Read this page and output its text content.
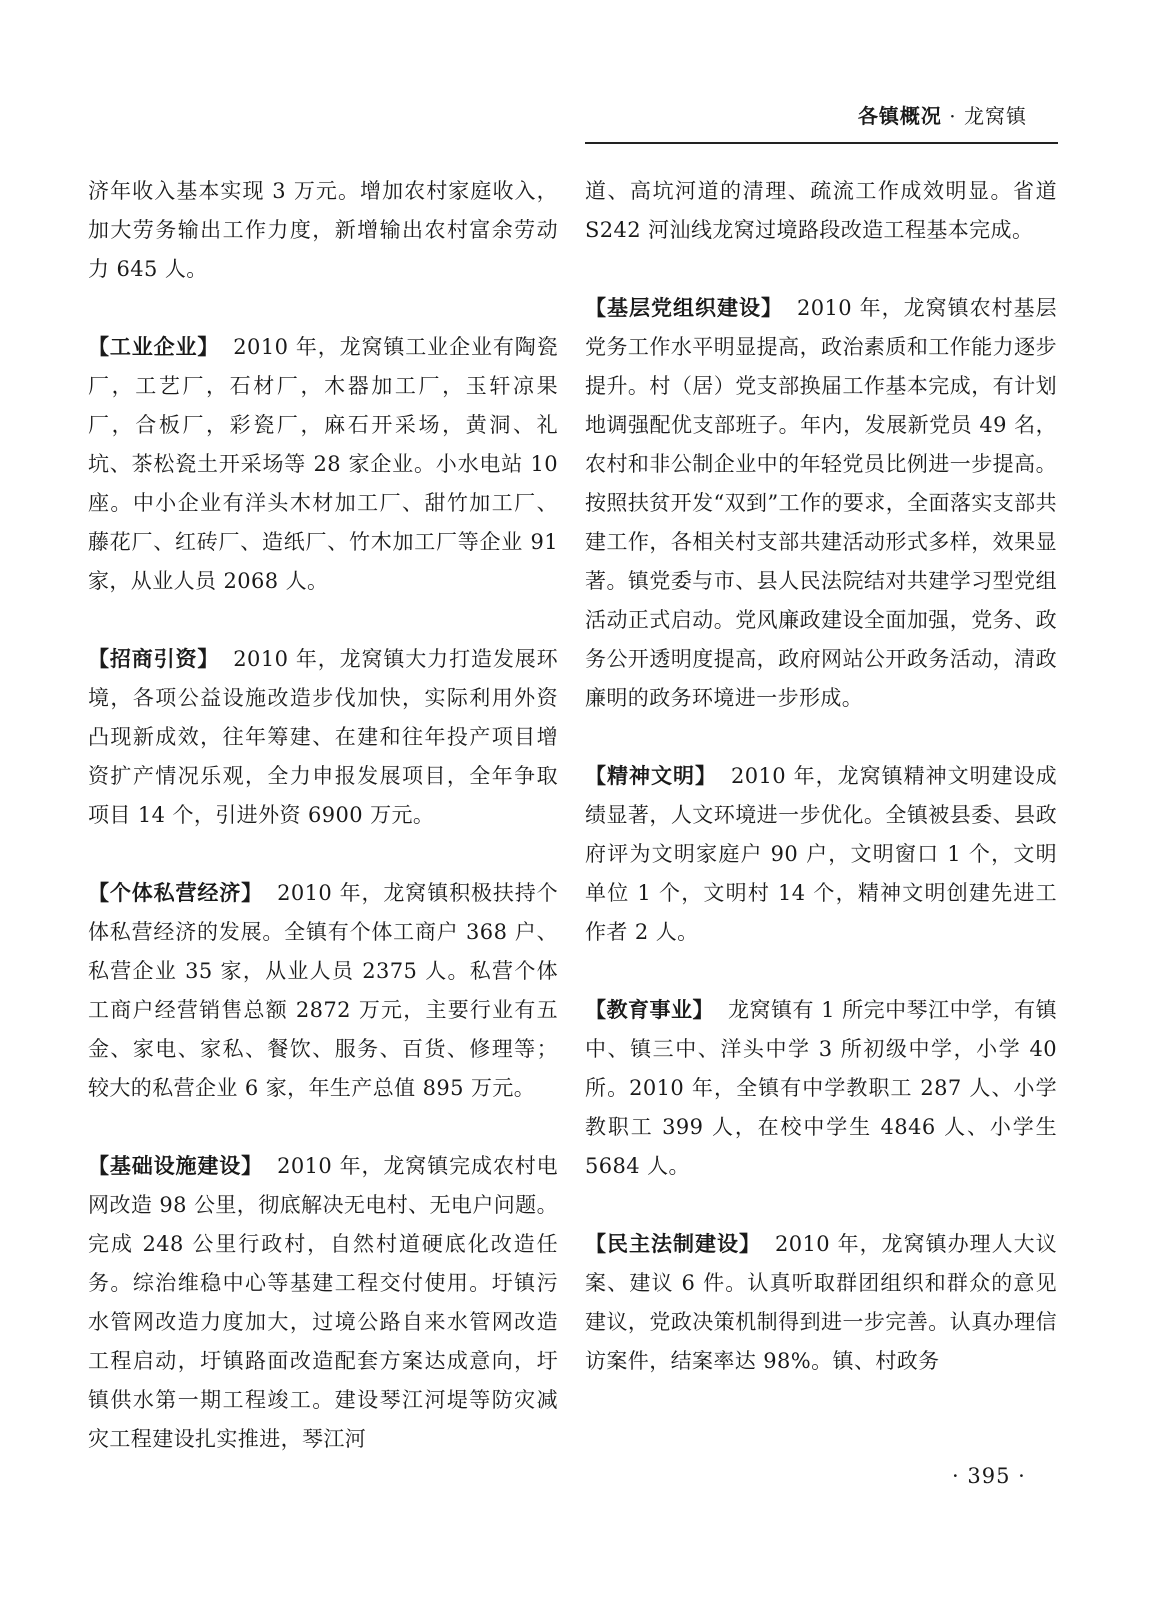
各镇概况 · 龙窝镇

济年收入基本实现 3 万元。增加农村家庭收入，加大劳务输出工作力度，新增输出农村富余劳动力 645 人。

【工业企业】 2010 年，龙窝镇工业企业有陶瓷厂，工艺厂，石材厂，木器加工厂，玉轩凉果厂，合板厂，彩瓷厂，麻石开采场，黄洞、礼坑、茶松瓷土开采场等 28 家企业。小水电站 10 座。中小企业有洋头木材加工厂、甜竹加工厂、藤花厂、红砖厂、造纸厂、竹木加工厂等企业 91 家，从业人员 2068 人。

【招商引资】 2010 年，龙窝镇大力打造发展环境，各项公益设施改造步伐加快，实际利用外资凸现新成效，往年筹建、在建和往年投产项目增资扩产情况乐观，全力申报发展项目，全年争取项目 14 个，引进外资 6900 万元。

【个体私营经济】 2010 年，龙窝镇积极扶持个体私营经济的发展。全镇有个体工商户 368 户、私营企业 35 家，从业人员 2375 人。私营个体工商户经营销售总额 2872 万元，主要行业有五金、家电、家私、餐饮、服务、百货、修理等；较大的私营企业 6 家，年生产总值 895 万元。

【基础设施建设】 2010 年，龙窝镇完成农村电网改造 98 公里，彻底解决无电村、无电户问题。完成 248 公里行政村，自然村道硬底化改造任务。综治维稳中心等基建工程交付使用。圩镇污水管网改造力度加大，过境公路自来水管网改造工程启动，圩镇路面改造配套方案达成意向，圩镇供水第一期工程竣工。建设琴江河堤等防灾减灾工程建设扎实推进，琴江河

道、高坑河道的清理、疏流工作成效明显。省道 S242 河汕线龙窝过境路段改造工程基本完成。

【基层党组织建设】 2010 年，龙窝镇农村基层党务工作水平明显提高，政治素质和工作能力逐步提升。村（居）党支部换届工作基本完成，有计划地调强配优支部班子。年内，发展新党员 49 名，农村和非公制企业中的年轻党员比例进一步提高。按照扶贫开发“双到”工作的要求，全面落实支部共建工作，各相关村支部共建活动形式多样，效果显著。镇党委与市、县人民法院结对共建学习型党组活动正式启动。党风廉政建设全面加强，党务、政务公开透明度提高，政府网站公开政务活动，清政廉明的政务环境进一步形成。

【精神文明】 2010 年，龙窝镇精神文明建设成绩显著，人文环境进一步优化。全镇被县委、县政府评为文明家庭户 90 户，文明窗口 1 个，文明单位 1 个，文明村 14 个，精神文明创建先进工作者 2 人。

【教育事业】 龙窝镇有 1 所完中琴江中学，有镇中、镇三中、洋头中学 3 所初级中学，小学 40 所。2010 年，全镇有中学教职工 287 人、小学教职工 399 人，在校中学生 4846 人、小学生 5684 人。

【民主法制建设】 2010 年，龙窝镇办理人大议案、建议 6 件。认真听取群团组织和群众的意见建议，党政决策机制得到进一步完善。认真办理信访案件，结案率达 98%。镇、村政务

· 395 ·
